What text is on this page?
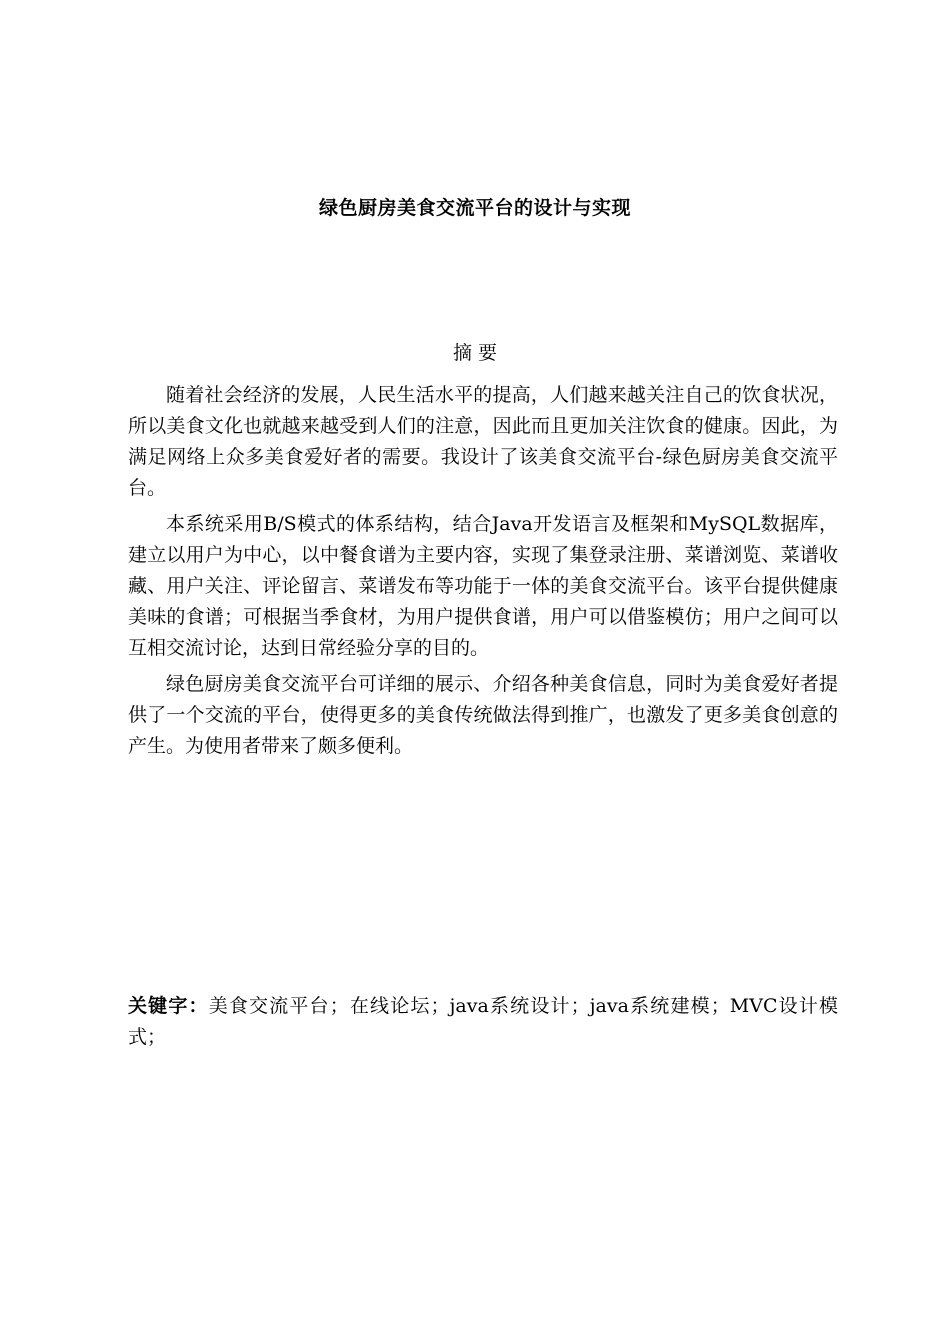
绿色厨房美食交流平台的设计与实现
摘 要

随着社会经济的发展，人民生活水平的提高，人们越来越关注自己的饮食状况，所以美食文化也就越来越受到人们的注意，因此而且更加关注饮食的健康。因此，为满足网络上众多美食爱好者的需要。我设计了该美食交流平台-绿色厨房美食交流平台。

本系统采用B/S模式的体系结构，结合Java开发语言及框架和MySQL数据库，建立以用户为中心，以中餐食谱为主要内容，实现了集登录注册、菜谱浏览、菜谱收藏、用户关注、评论留言、菜谱发布等功能于一体的美食交流平台。该平台提供健康美味的食谱；可根据当季食材，为用户提供食谱，用户可以借鉴模仿；用户之间可以互相交流讨论，达到日常经验分享的目的。

绿色厨房美食交流平台可详细的展示、介绍各种美食信息，同时为美食爱好者提供了一个交流的平台，使得更多的美食传统做法得到推广，也激发了更多美食创意的产生。为使用者带来了颇多便利。

关键字：美食交流平台；在线论坛；java系统设计；java系统建模；MVC设计模式；
